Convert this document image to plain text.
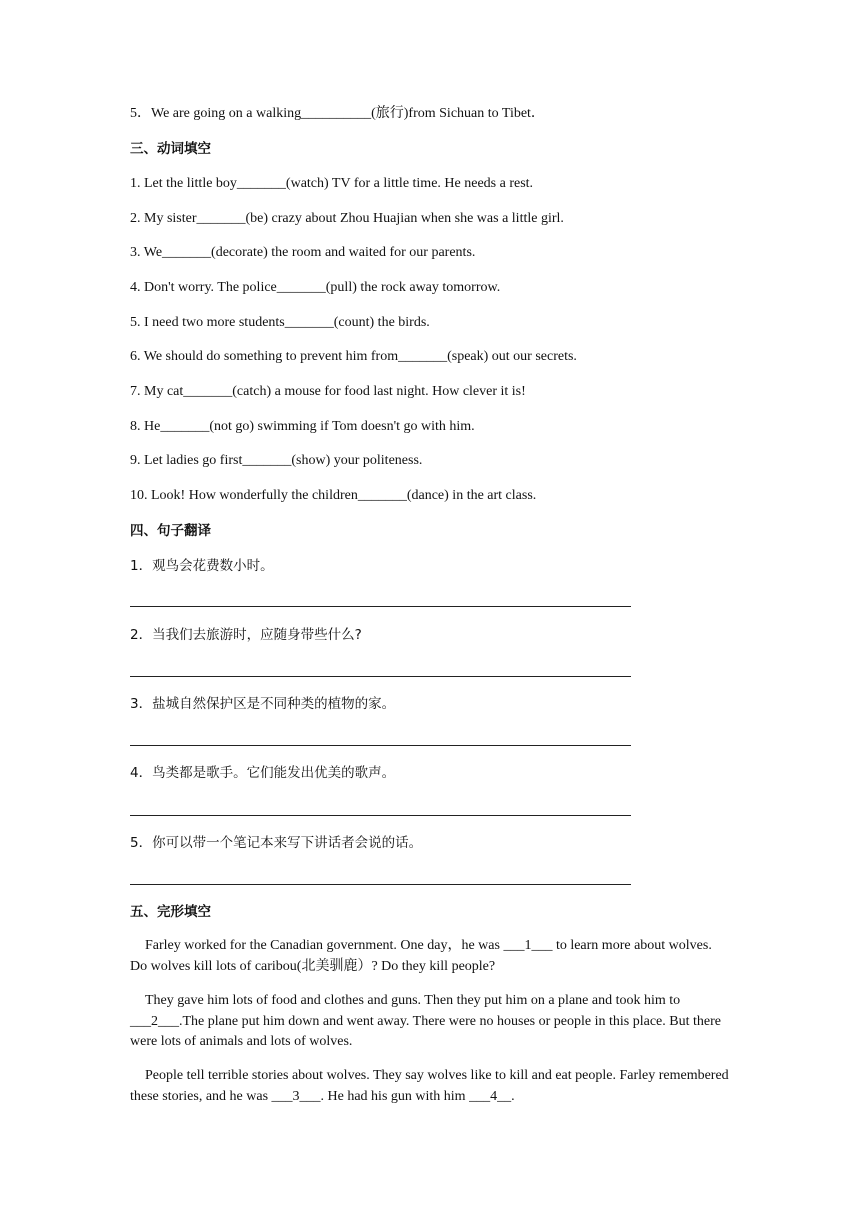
5．We are going on a walking__________(旅行)from Sichuan to Tibet．
三、动词填空
1. Let the little boy_______(watch) TV for a little time. He needs a rest.
2. My sister_______(be) crazy about Zhou Huajian when she was a little girl.
3. We_______(decorate) the room and waited for our parents.
4. Don't worry. The police_______(pull) the rock away tomorrow.
5. I need two more students_______(count) the birds.
6. We should do something to prevent him from_______(speak) out our secrets.
7. My cat_______(catch) a mouse for food last night. How clever it is!
8. He_______(not go) swimming if Tom doesn't go with him.
9. Let ladies go first_______(show) your politeness.
10. Look! How wonderfully the children_______(dance) in the art class.
四、句子翻译
1．观鸟会花费数小时。
2．当我们去旅游时，应随身带些什么?
3．盐城自然保护区是不同种类的植物的家。
4．鸟类都是歌手。它们能发出优美的歌声。
5．你可以带一个笔记本来写下讲话者会说的话。
五、完形填空
Farley worked for the Canadian government. One day，he was ___1___ to learn more about wolves. Do wolves kill lots of caribou(北美驯鹿）? Do they kill people?
They gave him lots of food and clothes and guns. Then they put him on a plane and took him to ___2___.The plane put him down and went away. There were no houses or people in this place. But there were lots of animals and lots of wolves.
People tell terrible stories about wolves. They say wolves like to kill and eat people. Farley remembered these stories, and he was ___3___. He had his gun with him ___4__.
